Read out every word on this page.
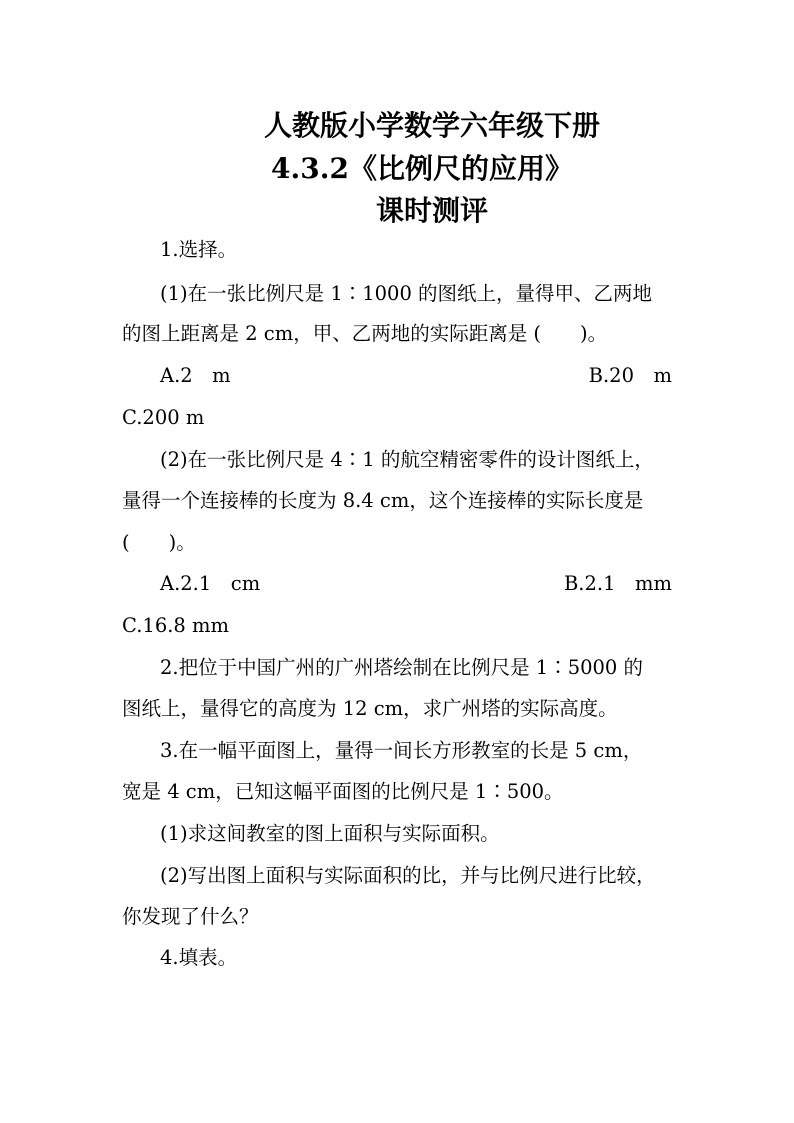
人教版小学数学六年级下册
4.3.2《比例尺的应用》
课时测评
1.选择。
(1)在一张比例尺是 1∶1000 的图纸上，量得甲、乙两地
的图上距离是 2 cm，甲、乙两地的实际距离是 (　　)。
A.2　m	B.20　m
C.200 m
(2)在一张比例尺是 4∶1 的航空精密零件的设计图纸上，
量得一个连接棒的长度为 8.4 cm，这个连接棒的实际长度是
(　　)。
A.2.1　cm	B.2.1　mm
C.16.8 mm
2.把位于中国广州的广州塔绘制在比例尺是 1∶5000 的
图纸上，量得它的高度为 12 cm，求广州塔的实际高度。
3.在一幅平面图上，量得一间长方形教室的长是 5 cm，
宽是 4 cm，已知这幅平面图的比例尺是 1∶500。
(1)求这间教室的图上面积与实际面积。
(2)写出图上面积与实际面积的比，并与比例尺进行比较，
你发现了什么？
4.填表。
